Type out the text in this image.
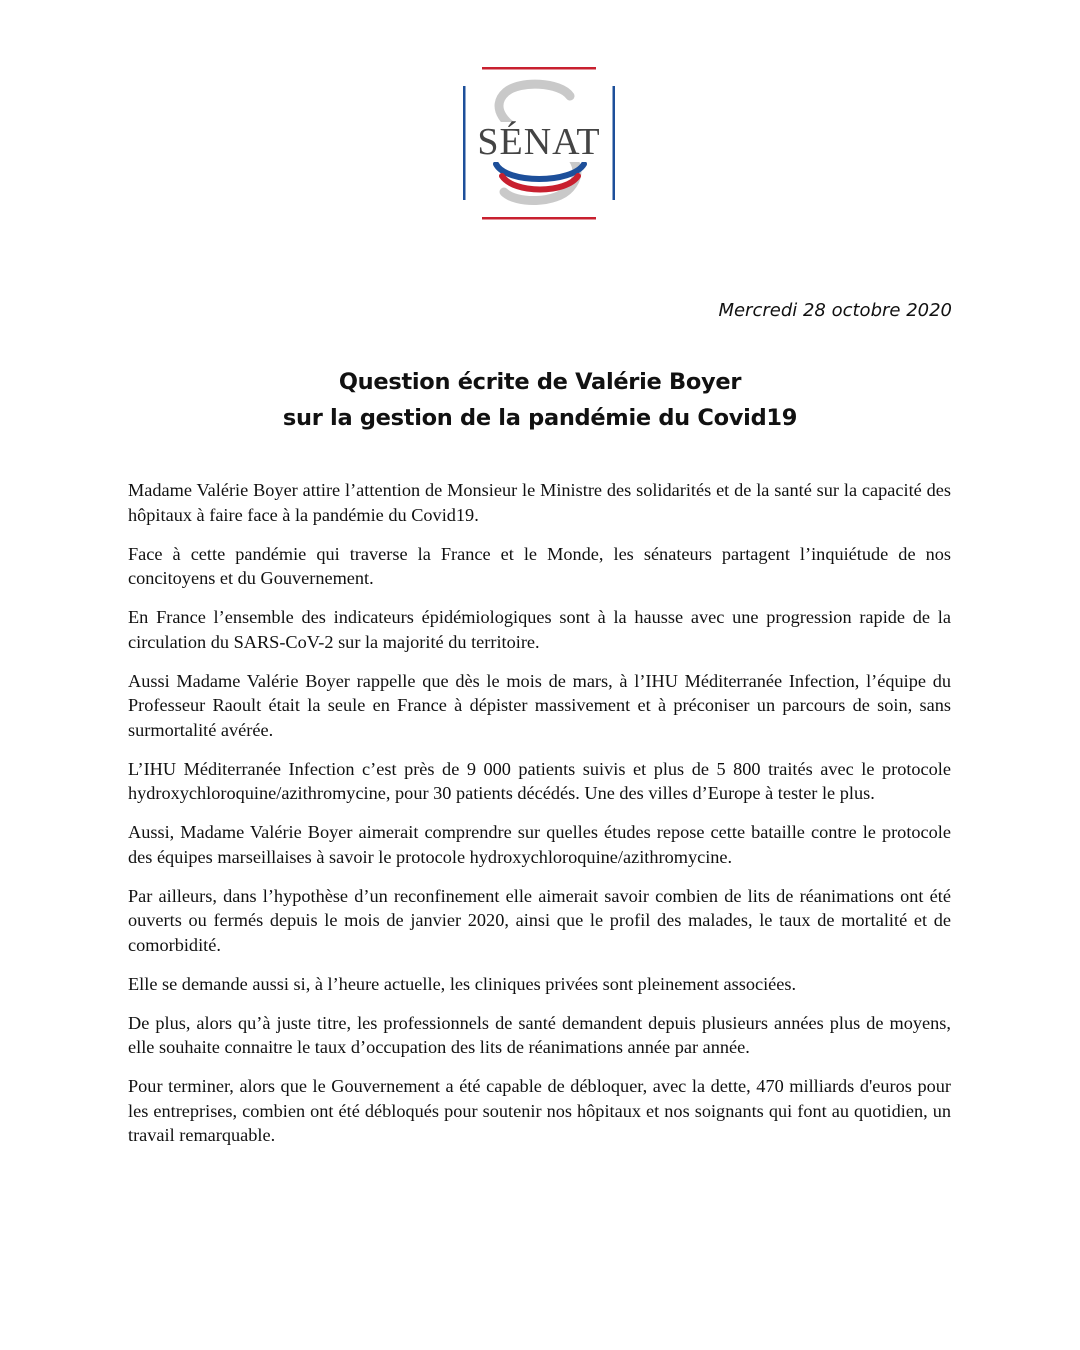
SÉNAT
Mercredi 28 octobre 2020
Question écrite de Valérie Boyer
sur la gestion de la pandémie du Covid19

Madame Valérie Boyer attire l’attention de Monsieur le Ministre des solidarités et de la santé sur la capacité des hôpitaux à faire face à la pandémie du Covid19.

Face à cette pandémie qui traverse la France et le Monde, les sénateurs partagent l’inquiétude de nos concitoyens et du Gouvernement.

En France l’ensemble des indicateurs épidémiologiques sont à la hausse avec une progression rapide de la circulation du SARS-CoV-2 sur la majorité du territoire.

Aussi Madame Valérie Boyer rappelle que dès le mois de mars, à l’IHU Méditerranée Infection, l’équipe du Professeur Raoult était la seule en France à dépister massivement et à préconiser un parcours de soin, sans surmortalité avérée.

L’IHU Méditerranée Infection c’est près de 9 000 patients suivis et plus de 5 800 traités avec le protocole hydroxychloroquine/azithromycine, pour 30 patients décédés. Une des villes d’Europe à tester le plus.

Aussi, Madame Valérie Boyer aimerait comprendre sur quelles études repose cette bataille contre le protocole des équipes marseillaises à savoir le protocole hydroxychloroquine/azithromycine.

Par ailleurs, dans l’hypothèse d’un reconfinement elle aimerait savoir combien de lits de réanimations ont été ouverts ou fermés depuis le mois de janvier 2020, ainsi que le profil des malades, le taux de mortalité et de comorbidité.

Elle se demande aussi si, à l’heure actuelle, les cliniques privées sont pleinement associées.

De plus, alors qu’à juste titre, les professionnels de santé demandent depuis plusieurs années plus de moyens, elle souhaite connaitre le taux d’occupation des lits de réanimations année par année.

Pour terminer, alors que le Gouvernement a été capable de débloquer, avec la dette, 470 milliards d'euros pour les entreprises, combien ont été débloqués pour soutenir nos hôpitaux et nos soignants qui font au quotidien, un travail remarquable.
